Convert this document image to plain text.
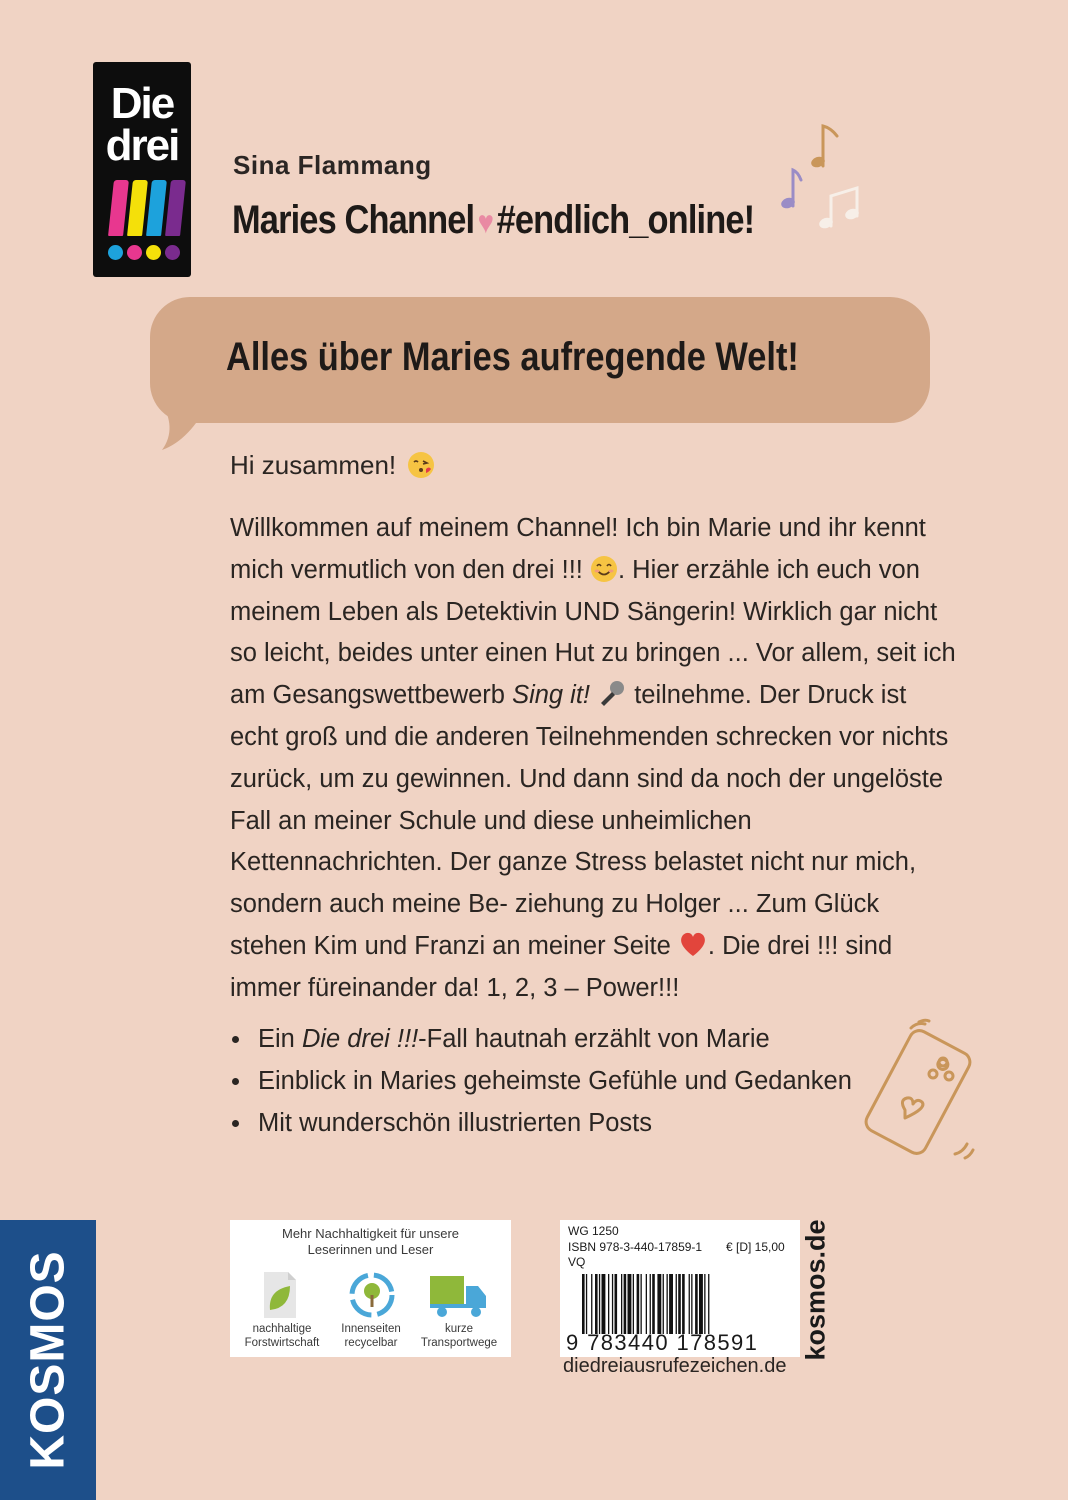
Die
drei	Sina Flammang
Maries Channel ♥#endlich_online!
Alles über Maries aufregende Welt!
Hi zusammen!
Willkommen auf meinem Channel! Ich bin Marie und ihr kennt mich vermutlich von den drei !!! . Hier erzähle ich euch von meinem Leben als Detektivin UND Sängerin! Wirklich gar nicht so leicht, beides unter einen Hut zu bringen ... Vor allem, seit ich am Gesangswettbewerb Sing it!  teilnehme. Der Druck ist echt groß und die anderen Teilnehmenden schrecken vor nichts zurück, um zu gewinnen. Und dann sind da noch der ungelöste Fall an meiner Schule und diese unheimlichen Kettennachrichten. Der ganze Stress belastet nicht nur mich, sondern auch meine Be- ziehung zu Holger ... Zum Glück stehen Kim und Franzi an meiner Seite . Die drei !!! sind immer füreinander da! 1, 2, 3 – Power!!!
Ein Die drei !!!-Fall hautnah erzählt von Marie
Einblick in Maries geheimste Gefühle und Gedanken
Mit wunderschön illustrierten Posts
KOSMOS
Mehr Nachhaltigkeit für unsere
Leserinnen und Leser
nachhaltige
Forstwirtschaft
Innenseiten
recycelbar
kurze
Transportwege
WG 1250
ISBN 978-3-440-17859-1 € [D] 15,00
VQ
9 783440 178591 kosmos.de
diedreiausrufezeichen.de
